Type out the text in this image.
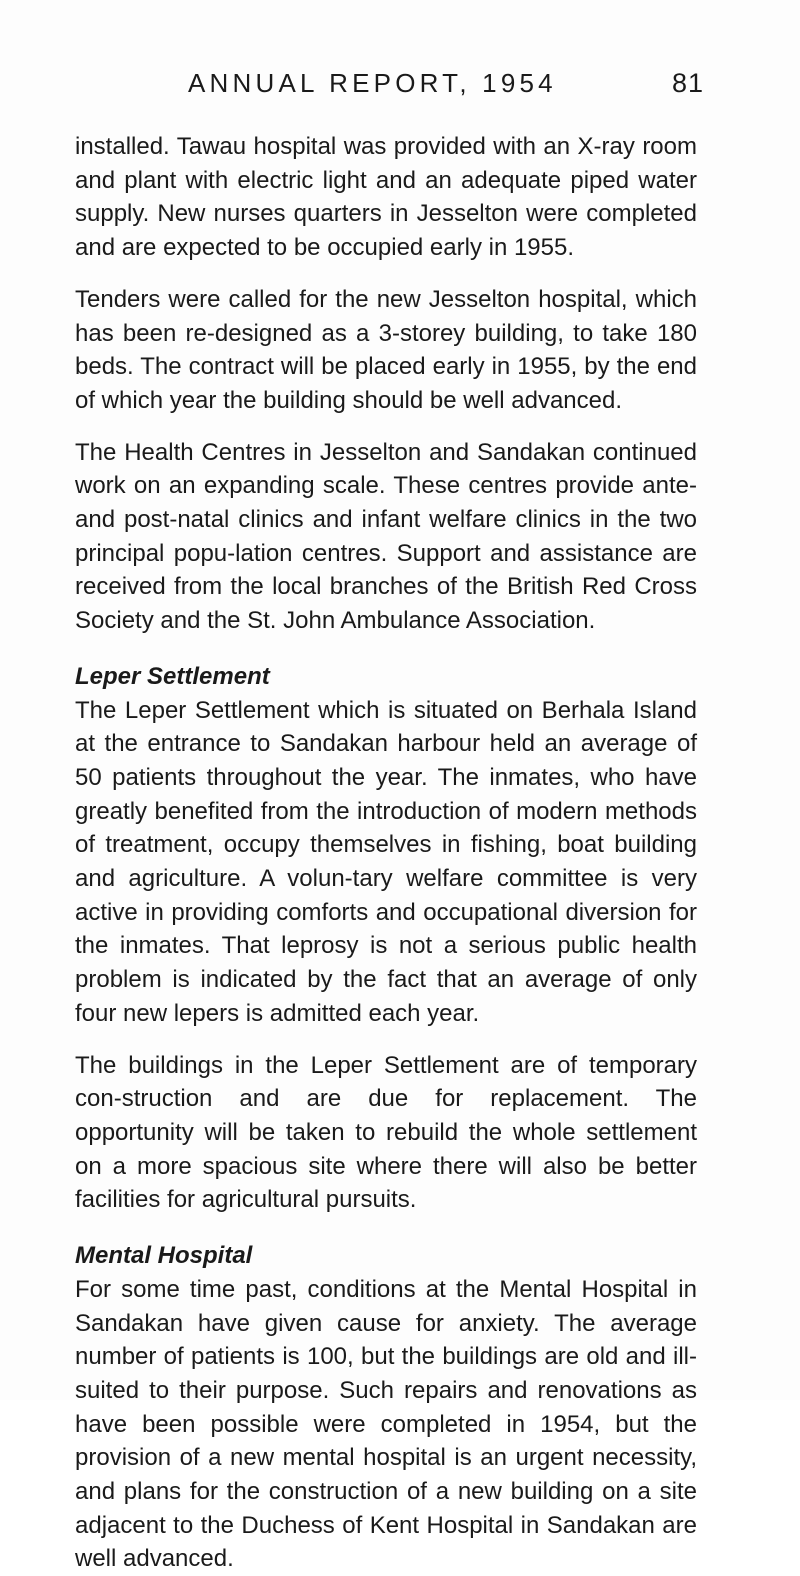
ANNUAL REPORT, 1954	81

installed. Tawau hospital was provided with an X-ray room and plant with electric light and an adequate piped water supply. New nurses quarters in Jesselton were completed and are expected to be occupied early in 1955.

Tenders were called for the new Jesselton hospital, which has been re-designed as a 3-storey building, to take 180 beds. The contract will be placed early in 1955, by the end of which year the building should be well advanced.

The Health Centres in Jesselton and Sandakan continued work on an expanding scale. These centres provide ante- and post-natal clinics and infant welfare clinics in the two principal popu-lation centres. Support and assistance are received from the local branches of the British Red Cross Society and the St. John Ambulance Association.

Leper Settlement

The Leper Settlement which is situated on Berhala Island at the entrance to Sandakan harbour held an average of 50 patients throughout the year. The inmates, who have greatly benefited from the introduction of modern methods of treatment, occupy themselves in fishing, boat building and agriculture. A volun-tary welfare committee is very active in providing comforts and occupational diversion for the inmates. That leprosy is not a serious public health problem is indicated by the fact that an average of only four new lepers is admitted each year.

The buildings in the Leper Settlement are of temporary con-struction and are due for replacement. The opportunity will be taken to rebuild the whole settlement on a more spacious site where there will also be better facilities for agricultural pursuits.

Mental Hospital

For some time past, conditions at the Mental Hospital in Sandakan have given cause for anxiety. The average number of patients is 100, but the buildings are old and ill-suited to their purpose. Such repairs and renovations as have been possible were completed in 1954, but the provision of a new mental hospital is an urgent necessity, and plans for the construction of a new building on a site adjacent to the Duchess of Kent Hospital in Sandakan are well advanced.
